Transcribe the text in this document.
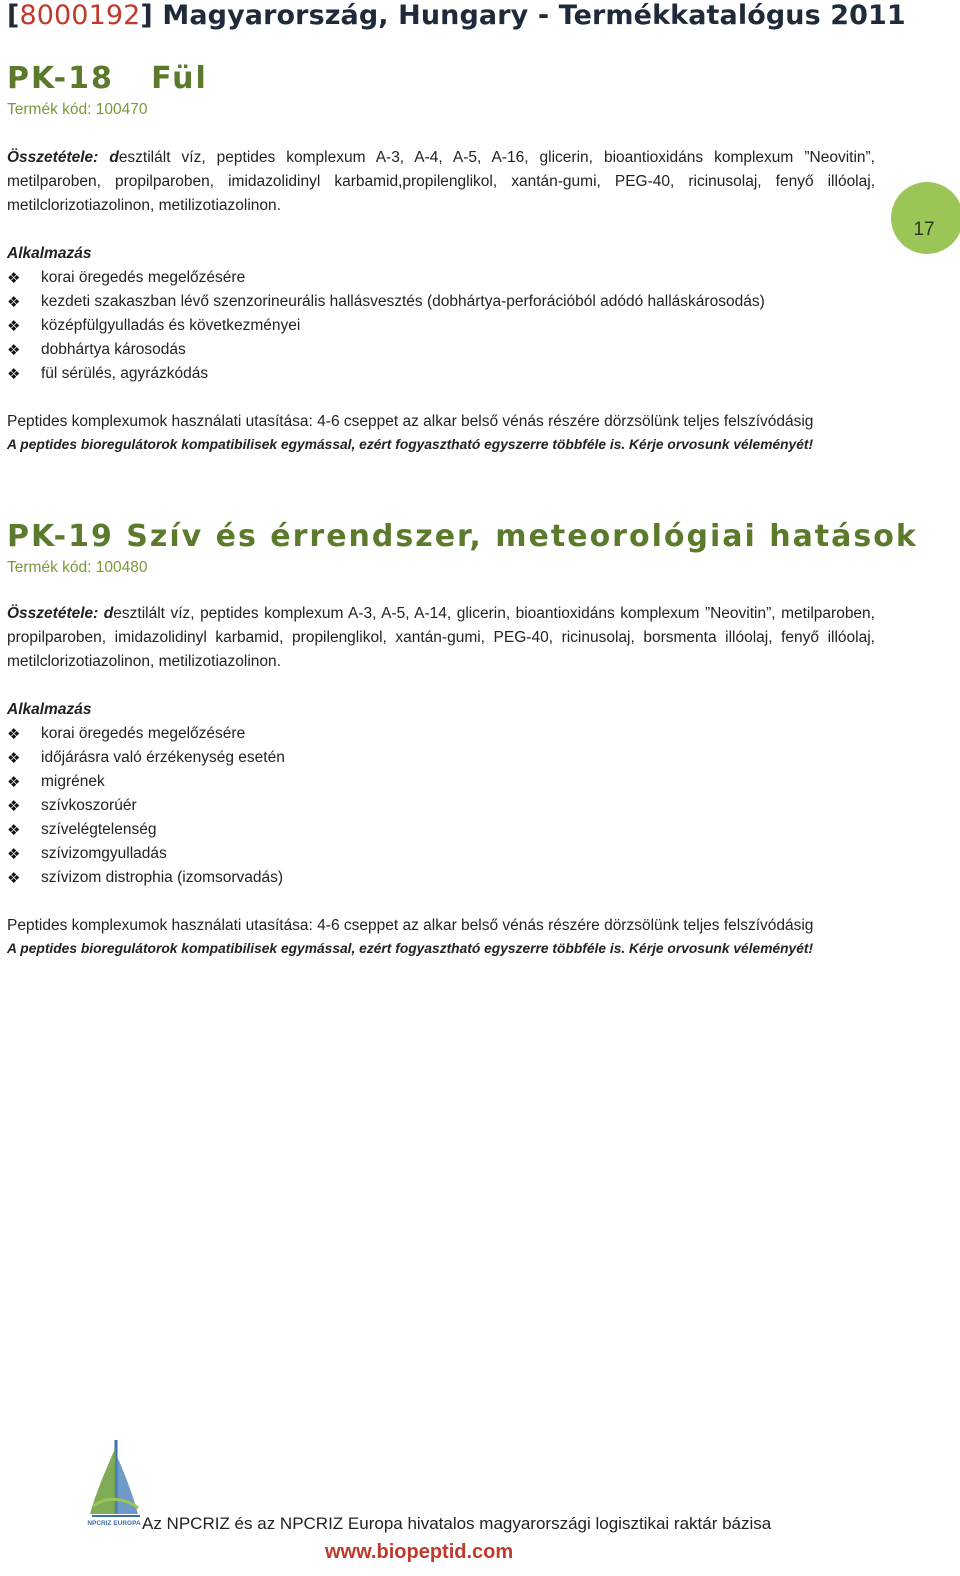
[8000192] Magyarország, Hungary - Termékkatalógus 2011
17
PK-18   Fül
Termék kód: 100470
Összetétele: desztilált víz, peptides komplexum A-3, A-4, A-5, A-16, glicerin, bioantioxidáns komplexum ”Neovitin”, metilparoben, propilparoben, imidazolidinyl karbamid,propilenglikol, xantán-gumi, PEG-40, ricinusolaj, fenyő illóolaj, metilclorizotiazolinon, metilizotiazolinon.
Alkalmazás
❖ korai öregedés megelőzésére
❖ kezdeti szakaszban lévő szenzorineurális hallásvesztés (dobhártya-perforációból adódó halláskárosodás)
❖ középfülgyulladás és következményei
❖ dobhártya károsodás
❖ fül sérülés, agyrázkódás
Peptides komplexumok használati utasítása: 4-6 cseppet az alkar belső vénás részére dörzsölünk teljes felszívódásig
A peptides bioregulátorok kompatibilisek egymással, ezért fogyasztható egyszerre többféle is. Kérje orvosunk véleményét!
PK-19 Szív és érrendszer, meteorológiai hatások
Termék kód: 100480
Összetétele: desztilált víz, peptides komplexum A-3, A-5, A-14, glicerin, bioantioxidáns komplexum ”Neovitin”, metilparoben, propilparoben, imidazolidinyl karbamid, propilenglikol, xantán-gumi, PEG-40, ricinusolaj, borsmenta illóolaj, fenyő illóolaj, metilclorizotiazolinon, metilizotiazolinon.
Alkalmazás
❖ korai öregedés megelőzésére
❖ időjárásra való érzékenység esetén
❖ migrének
❖ szívkoszorúér
❖ szívelégtelenség
❖ szívizomgyulladás
❖ szívizom distrophia (izomsorvadás)
Peptides komplexumok használati utasítása: 4-6 cseppet az alkar belső vénás részére dörzsölünk teljes felszívódásig
A peptides bioregulátorok kompatibilisek egymással, ezért fogyasztható egyszerre többféle is. Kérje orvosunk véleményét!
NPCRIZ EUROPA Az NPCRIZ és az NPCRIZ Europa hivatalos magyarországi logisztikai raktár bázisa
www.biopeptid.com
